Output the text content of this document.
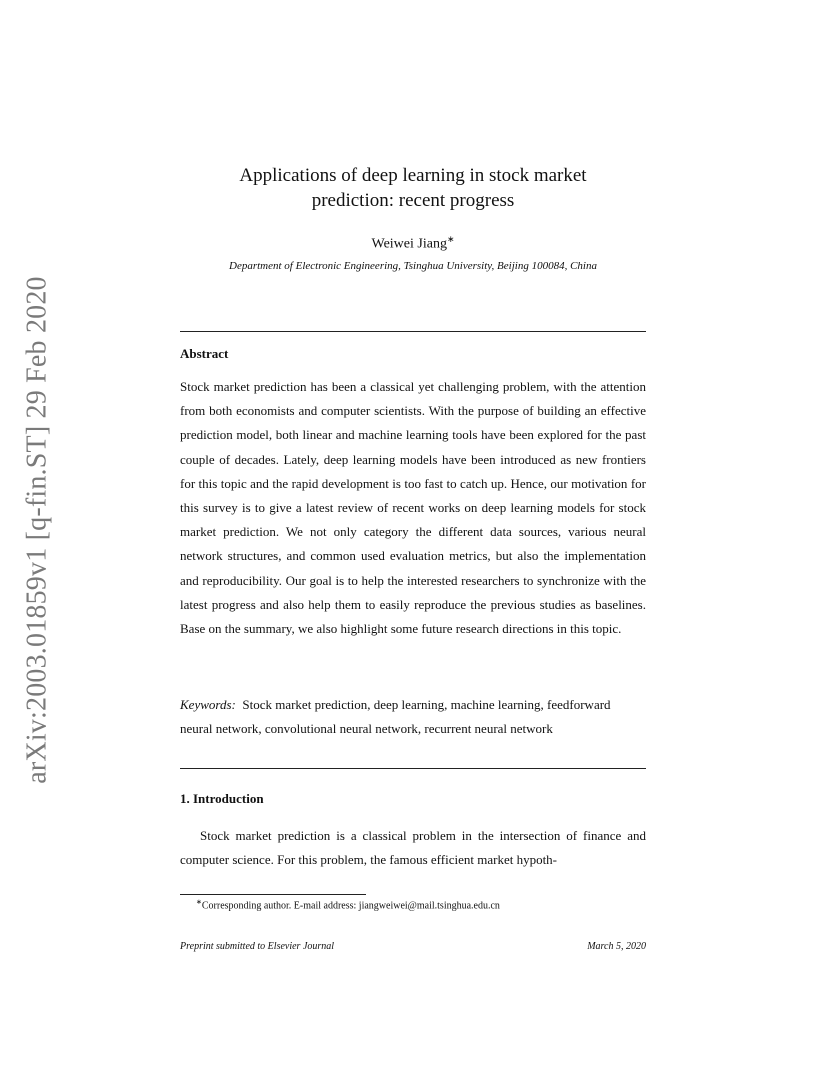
arXiv:2003.01859v1 [q-fin.ST] 29 Feb 2020
Applications of deep learning in stock market
prediction: recent progress
Weiwei Jiang∗
Department of Electronic Engineering, Tsinghua University, Beijing 100084, China
Abstract

Stock market prediction has been a classical yet challenging problem, with the attention from both economists and computer scientists. With the purpose of building an effective prediction model, both linear and machine learning tools have been explored for the past couple of decades. Lately, deep learning models have been introduced as new frontiers for this topic and the rapid development is too fast to catch up. Hence, our motivation for this survey is to give a latest review of recent works on deep learning models for stock market prediction. We not only category the different data sources, various neural network structures, and common used evaluation metrics, but also the implementation and reproducibility. Our goal is to help the interested researchers to synchronize with the latest progress and also help them to easily reproduce the previous studies as baselines. Base on the summary, we also highlight some future research directions in this topic.

Keywords: Stock market prediction, deep learning, machine learning, feedforward neural network, convolutional neural network, recurrent neural network

1. Introduction

Stock market prediction is a classical problem in the intersection of finance and computer science. For this problem, the famous efficient market hypoth-

∗Corresponding author. E-mail address: jiangweiwei@mail.tsinghua.edu.cn
Preprint submitted to Elsevier Journal	March 5, 2020
